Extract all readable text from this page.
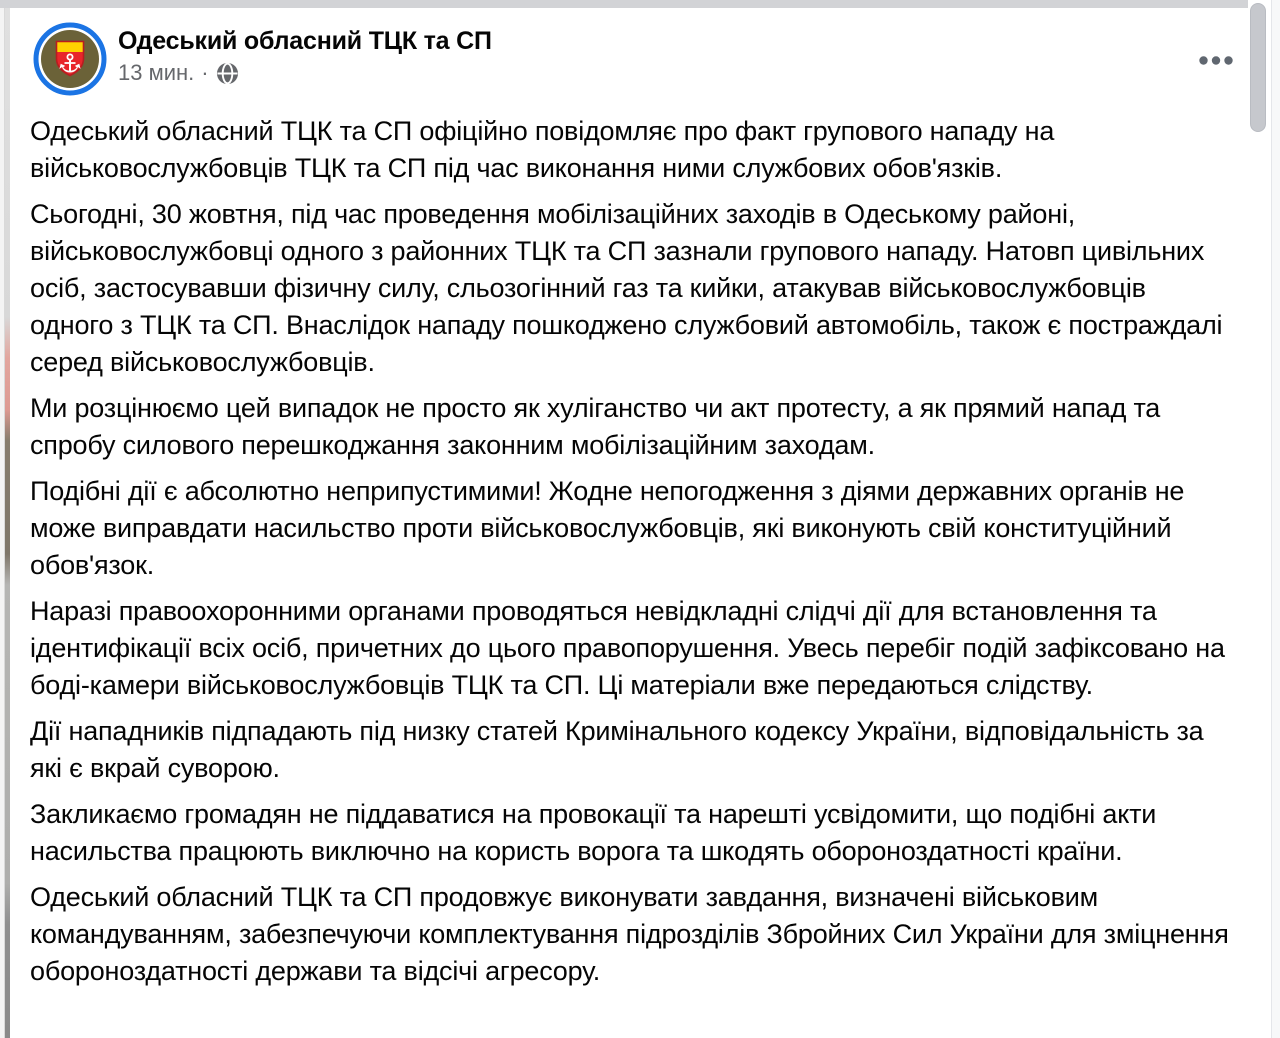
Одеський обласний ТЦК та СП
13 мин. ·

Одеський обласний ТЦК та СП офіційно повідомляє про факт групового нападу на військовослужбовців ТЦК та СП під час виконання ними службових обов'язків.

Сьогодні, 30 жовтня, під час проведення мобілізаційних заходів в Одеському районі, військовослужбовці одного з районних ТЦК та СП зазнали групового нападу. Натовп цивільних осіб, застосувавши фізичну силу, сльозогінний газ та кийки, атакував військовослужбовців одного з ТЦК та СП. Внаслідок нападу пошкоджено службовий автомобіль, також є постраждалі серед військовослужбовців.

Ми розцінюємо цей випадок не просто як хуліганство чи акт протесту, а як прямий напад та спробу силового перешкоджання законним мобілізаційним заходам.

Подібні дії є абсолютно неприпустимими! Жодне непогодження з діями державних органів не може виправдати насильство проти військовослужбовців, які виконують свій конституційний обов'язок.

Наразі правоохоронними органами проводяться невідкладні слідчі дії для встановлення та ідентифікації всіх осіб, причетних до цього правопорушення. Увесь перебіг подій зафіксовано на боді-камери військовослужбовців ТЦК та СП. Ці матеріали вже передаються слідству.

Дії нападників підпадають під низку статей Кримінального кодексу України, відповідальність за які є вкрай суворою.

Закликаємо громадян не піддаватися на провокації та нарешті усвідомити, що подібні акти насильства працюють виключно на користь ворога та шкодять обороноздатності країни.

Одеський обласний ТЦК та СП продовжує виконувати завдання, визначені військовим командуванням, забезпечуючи комплектування підрозділів Збройних Сил України для зміцнення обороноздатності держави та відсічі агресору.
